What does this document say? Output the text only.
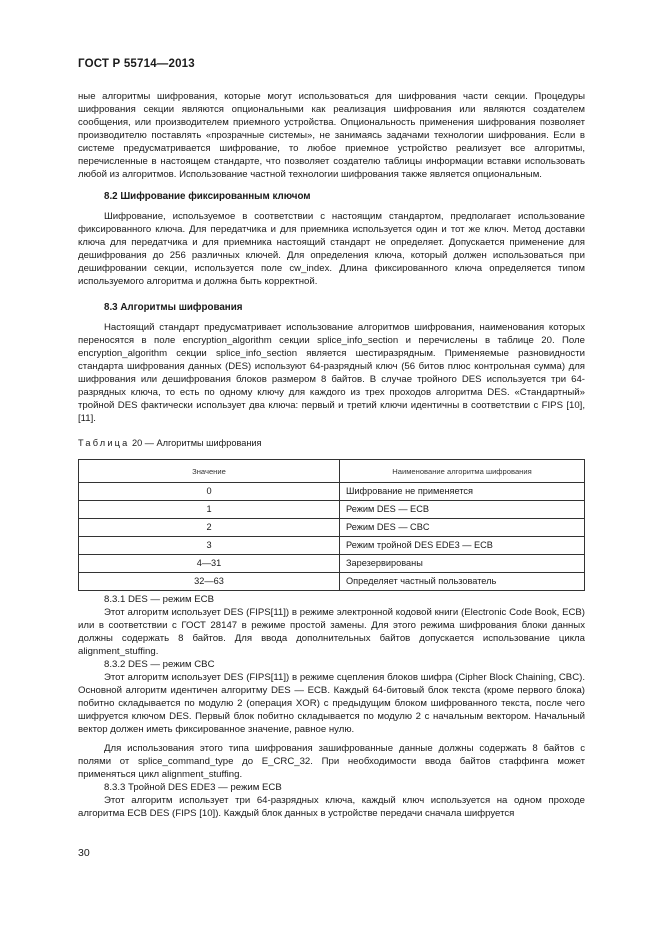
ГОСТ Р 55714—2013

ные алгоритмы шифрования, которые могут использоваться для шифрования части секции. Процедуры шифрования секции являются опциональными как реализация шифрования или являются создателем сообщения, или производителем приемного устройства. Опциональность применения шифрования позволяет производителю поставлять «прозрачные системы», не занимаясь задачами технологии шифрования. Если в системе предусматривается шифрование, то любое приемное устройство реализует все алгоритмы, перечисленные в настоящем стандарте, что позволяет создателю таблицы информации вставки использовать любой из алгоритмов. Использование частной технологии шифрования также является опциональным.

8.2 Шифрование фиксированным ключом

Шифрование, используемое в соответствии с настоящим стандартом, предполагает использование фиксированного ключа. Для передатчика и для приемника используется один и тот же ключ. Метод доставки ключа для передатчика и для приемника настоящий стандарт не определяет. Допускается применение для дешифрования до 256 различных ключей. Для определения ключа, который должен использоваться при дешифровании секции, используется поле cw_index. Длина фиксированного ключа определяется типом используемого алгоритма и должна быть корректной.

8.3 Алгоритмы шифрования

Настоящий стандарт предусматривает использование алгоритмов шифрования, наименования которых переносятся в поле encryption_algorithm секции splice_info_section и перечислены в таблице 20. Поле encryption_algorithm секции splice_info_section является шестиразрядным. Применяемые разновидности стандарта шифрования данных (DES) используют 64-разрядный ключ (56 битов плюс контрольная сумма) для шифрования или дешифрования блоков размером 8 байтов. В случае тройного DES используется три 64-разрядных ключа, то есть по одному ключу для каждого из трех проходов алгоритма DES. «Стандартный» тройной DES фактически использует два ключа: первый и третий ключи идентичны в соответствии с FIPS [10], [11].

Таблица 20 — Алгоритмы шифрования
Значение	Наименование алгоритма шифрования
0	Шифрование не применяется
1	Режим DES — ECB
2	Режим DES — CBC
3	Режим тройной DES EDE3 — ECB
4—31	Зарезервированы
32—63	Определяет частный пользователь
8.3.1 DES — режим ECB

Этот алгоритм использует DES (FIPS[11]) в режиме электронной кодовой книги (Electronic Code Book, ECB) или в соответствии с ГОСТ 28147 в режиме простой замены. Для этого режима шифрования блоки данных должны содержать 8 байтов. Для ввода дополнительных байтов допускается использование цикла alignment_stuffing.

8.3.2 DES — режим CBC

Этот алгоритм использует DES (FIPS[11]) в режиме сцепления блоков шифра (Cipher Block Chaining, CBC). Основной алгоритм идентичен алгоритму DES — ECB. Каждый 64-битовый блок текста (кроме первого блока) побитно складывается по модулю 2 (операция XOR) с предыдущим блоком шифрованного текста, после чего шифруется ключом DES. Первый блок побитно складывается по модулю 2 с начальным вектором. Начальный вектор должен иметь фиксированное значение, равное нулю.

Для использования этого типа шифрования зашифрованные данные должны содержать 8 байтов с полями от splice_command_type до E_CRC_32. При необходимости ввода байтов стаффинга может применяться цикл alignment_stuffing.

8.3.3 Тройной DES EDE3 — режим ECB

Этот алгоритм использует три 64-разрядных ключа, каждый ключ используется на одном проходе алгоритма ECB DES (FIPS [10]). Каждый блок данных в устройстве передачи сначала шифруется

30
